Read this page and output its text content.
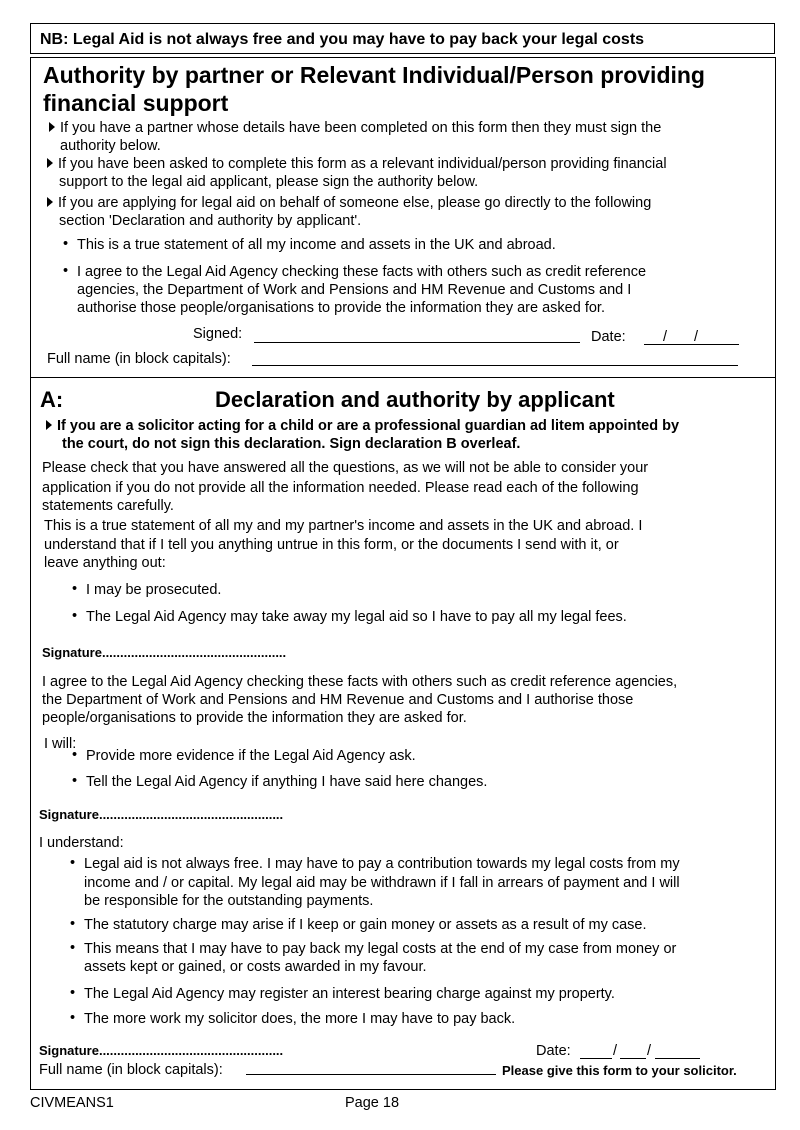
NB: Legal Aid is not always free and you may have to pay back your legal costs
Authority by partner or Relevant Individual/Person providing
financial support
If you have a partner whose details have been completed on this form then they must sign the
authority below.
If you have been asked to complete this form as a relevant individual/person providing financial
support to the legal aid applicant, please sign the authority below.
If you are applying for legal aid on behalf of someone else, please go directly to the following
section 'Declaration and authority by applicant'.
• This is a true statement of all my income and assets in the UK and abroad.
• I agree to the Legal Aid Agency checking these facts with others such as credit reference
agencies, the Department of Work and Pensions and HM Revenue and Customs and I
authorise those people/organisations to provide the information they are asked for.
Signed:	Date:	/ /
Full name (in block capitals):
A:	Declaration and authority by applicant
If you are a solicitor acting for a child or are a professional guardian ad litem appointed by
the court, do not sign this declaration. Sign declaration B overleaf.
Please check that you have answered all the questions, as we will not be able to consider your
application if you do not provide all the information needed. Please read each of the following
statements carefully.
This is a true statement of all my and my partner's income and assets in the UK and abroad. I
understand that if I tell you anything untrue in this form, or the documents I send with it, or
leave anything out:
• I may be prosecuted.
• The Legal Aid Agency may take away my legal aid so I have to pay all my legal fees.
Signature...................................................
I agree to the Legal Aid Agency checking these facts with others such as credit reference agencies,
the Department of Work and Pensions and HM Revenue and Customs and I authorise those
people/organisations to provide the information they are asked for.
I will:
• Provide more evidence if the Legal Aid Agency ask.
• Tell the Legal Aid Agency if anything I have said here changes.
Signature...................................................
I understand:
• Legal aid is not always free. I may have to pay a contribution towards my legal costs from my
income and / or capital. My legal aid may be withdrawn if I fall in arrears of payment and I will
be responsible for the outstanding payments.
• The statutory charge may arise if I keep or gain money or assets as a result of my case.
• This means that I may have to pay back my legal costs at the end of my case from money or
assets kept or gained, or costs awarded in my favour.
• The Legal Aid Agency may register an interest bearing charge against my property.
• The more work my solicitor does, the more I may have to pay back.
Signature...................................................	Date:	/ /
Full name (in block capitals):	Please give this form to your solicitor.
CIVMEANS1	Page 18
